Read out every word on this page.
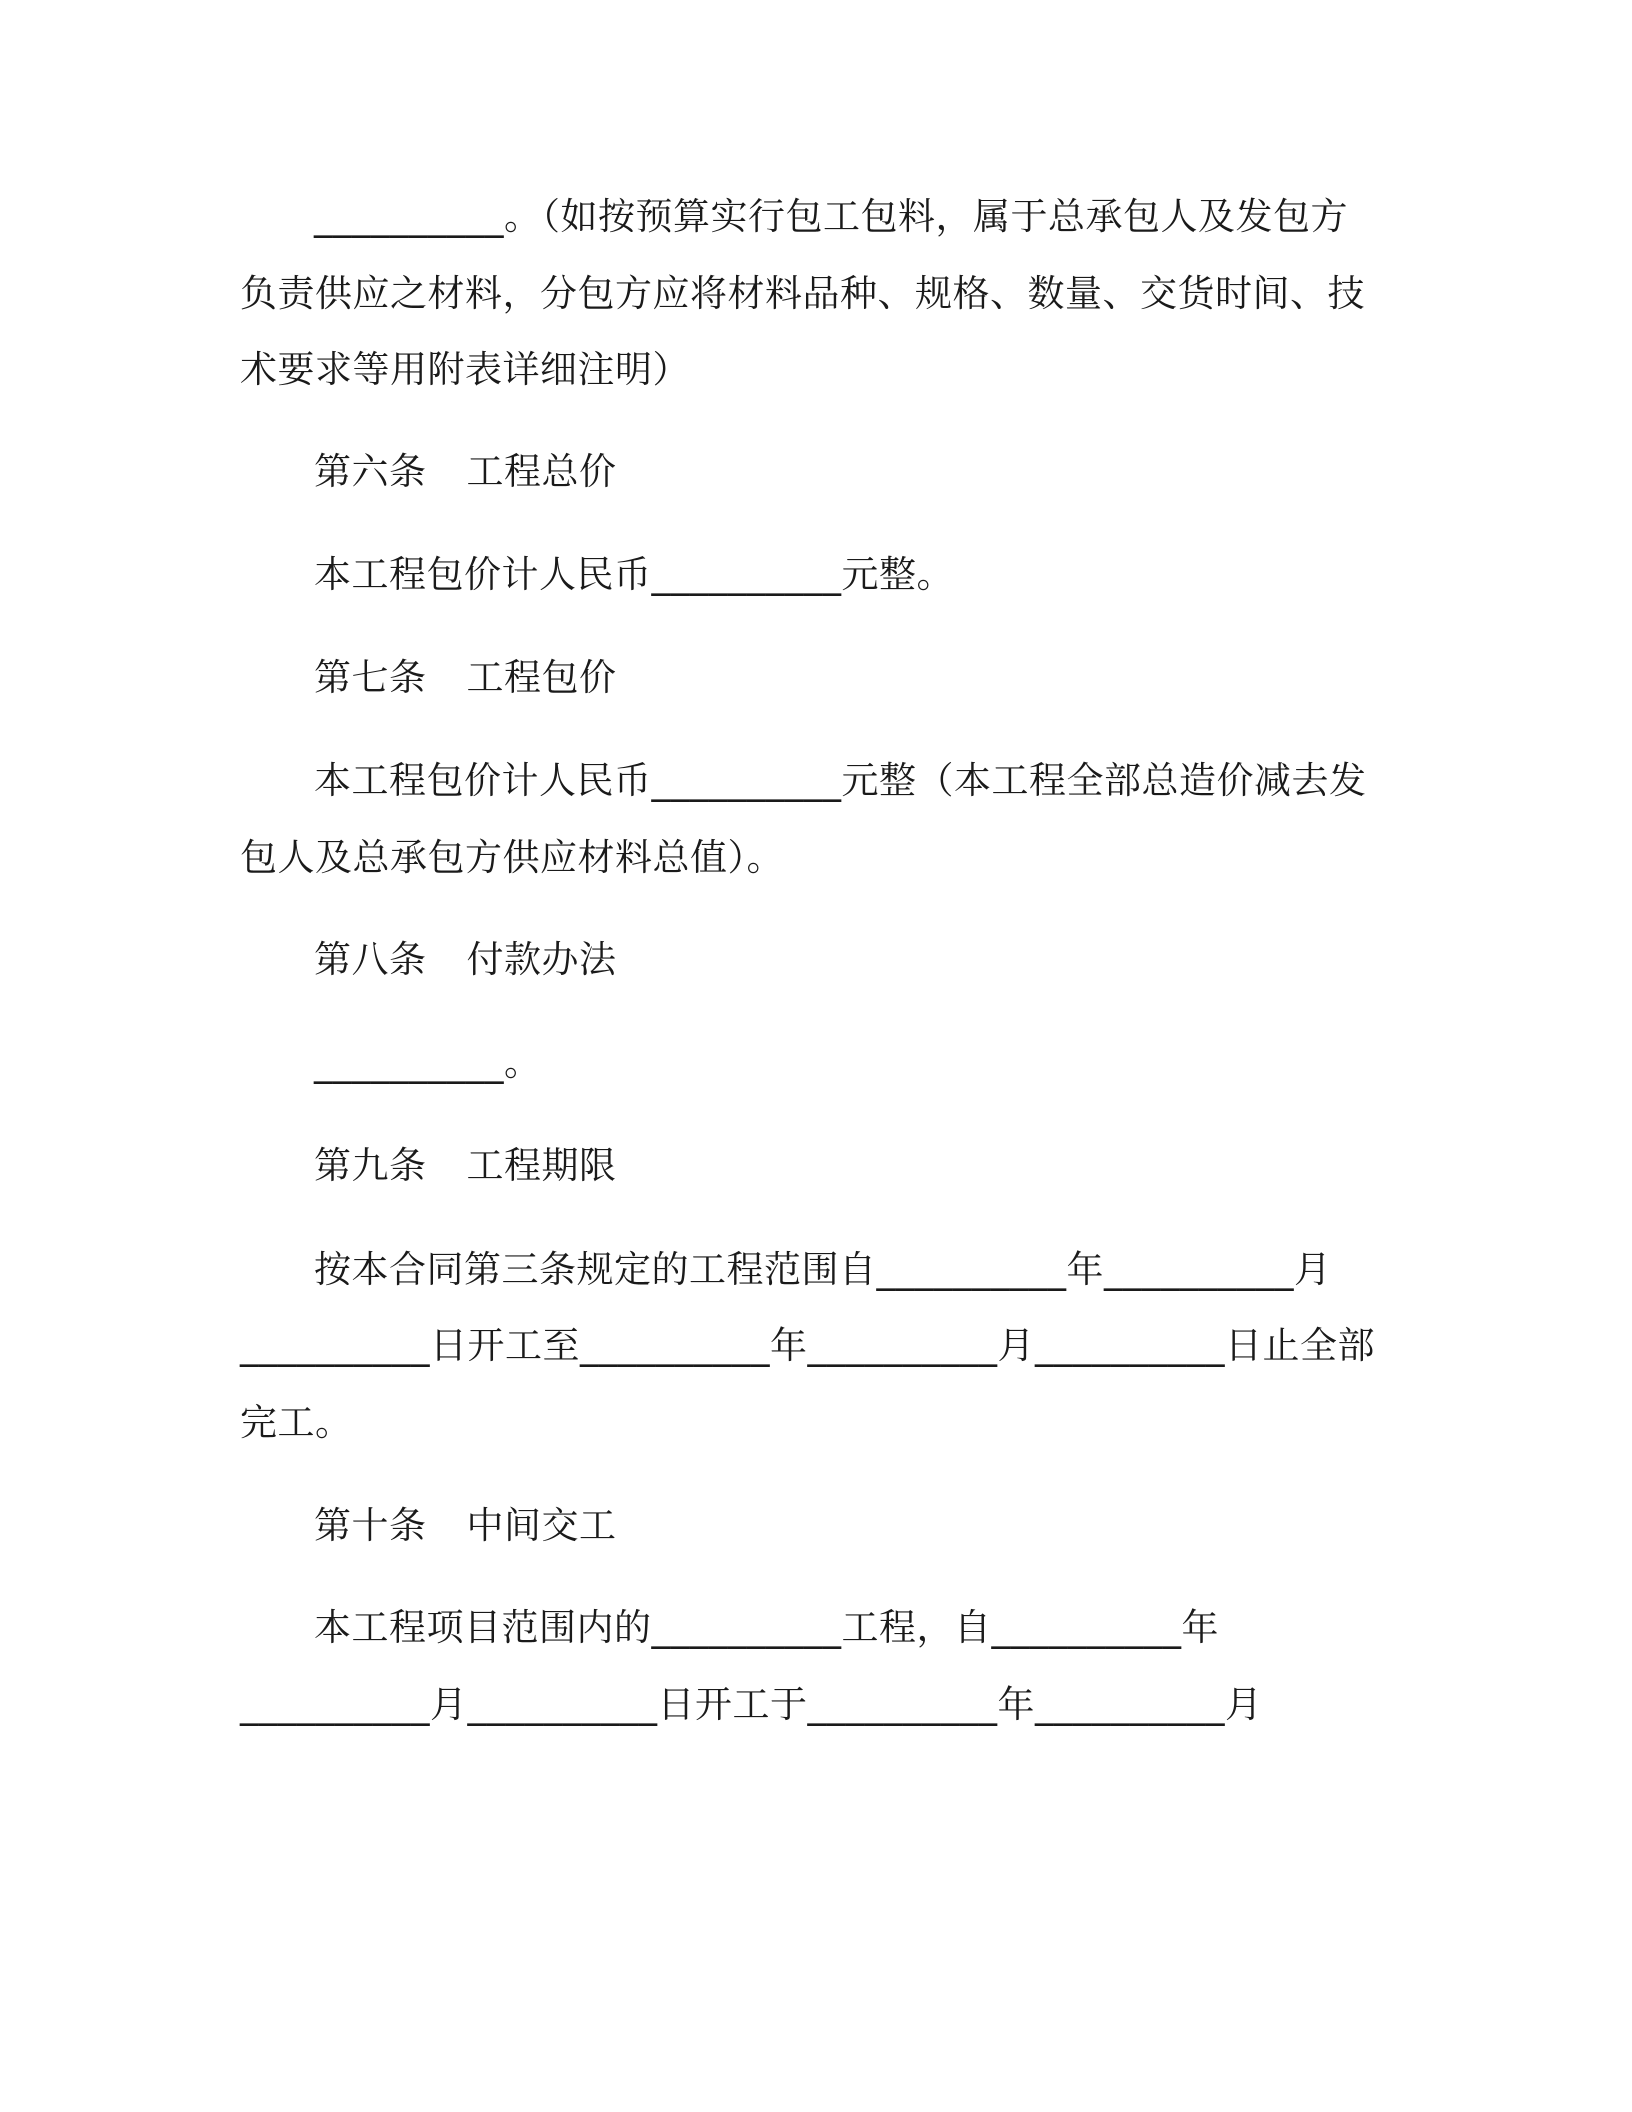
__________。（如按预算实行包工包料，属于总承包人及发包方
负责供应之材料，分包方应将材料品种、规格、数量、交货时间、技
术要求等用附表详细注明）
第六条 工程总价
本工程包价计人民币__________元整。
第七条 工程包价
本工程包价计人民币__________元整（本工程全部总造价减去发
包人及总承包方供应材料总值）。
第八条 付款办法
__________。
第九条 工程期限
按本合同第三条规定的工程范围自__________年__________月
__________日开工至__________年__________月__________日止全部
完工。
第十条 中间交工
本工程项目范围内的__________工程，自__________年
__________月__________日开工于__________年__________月
